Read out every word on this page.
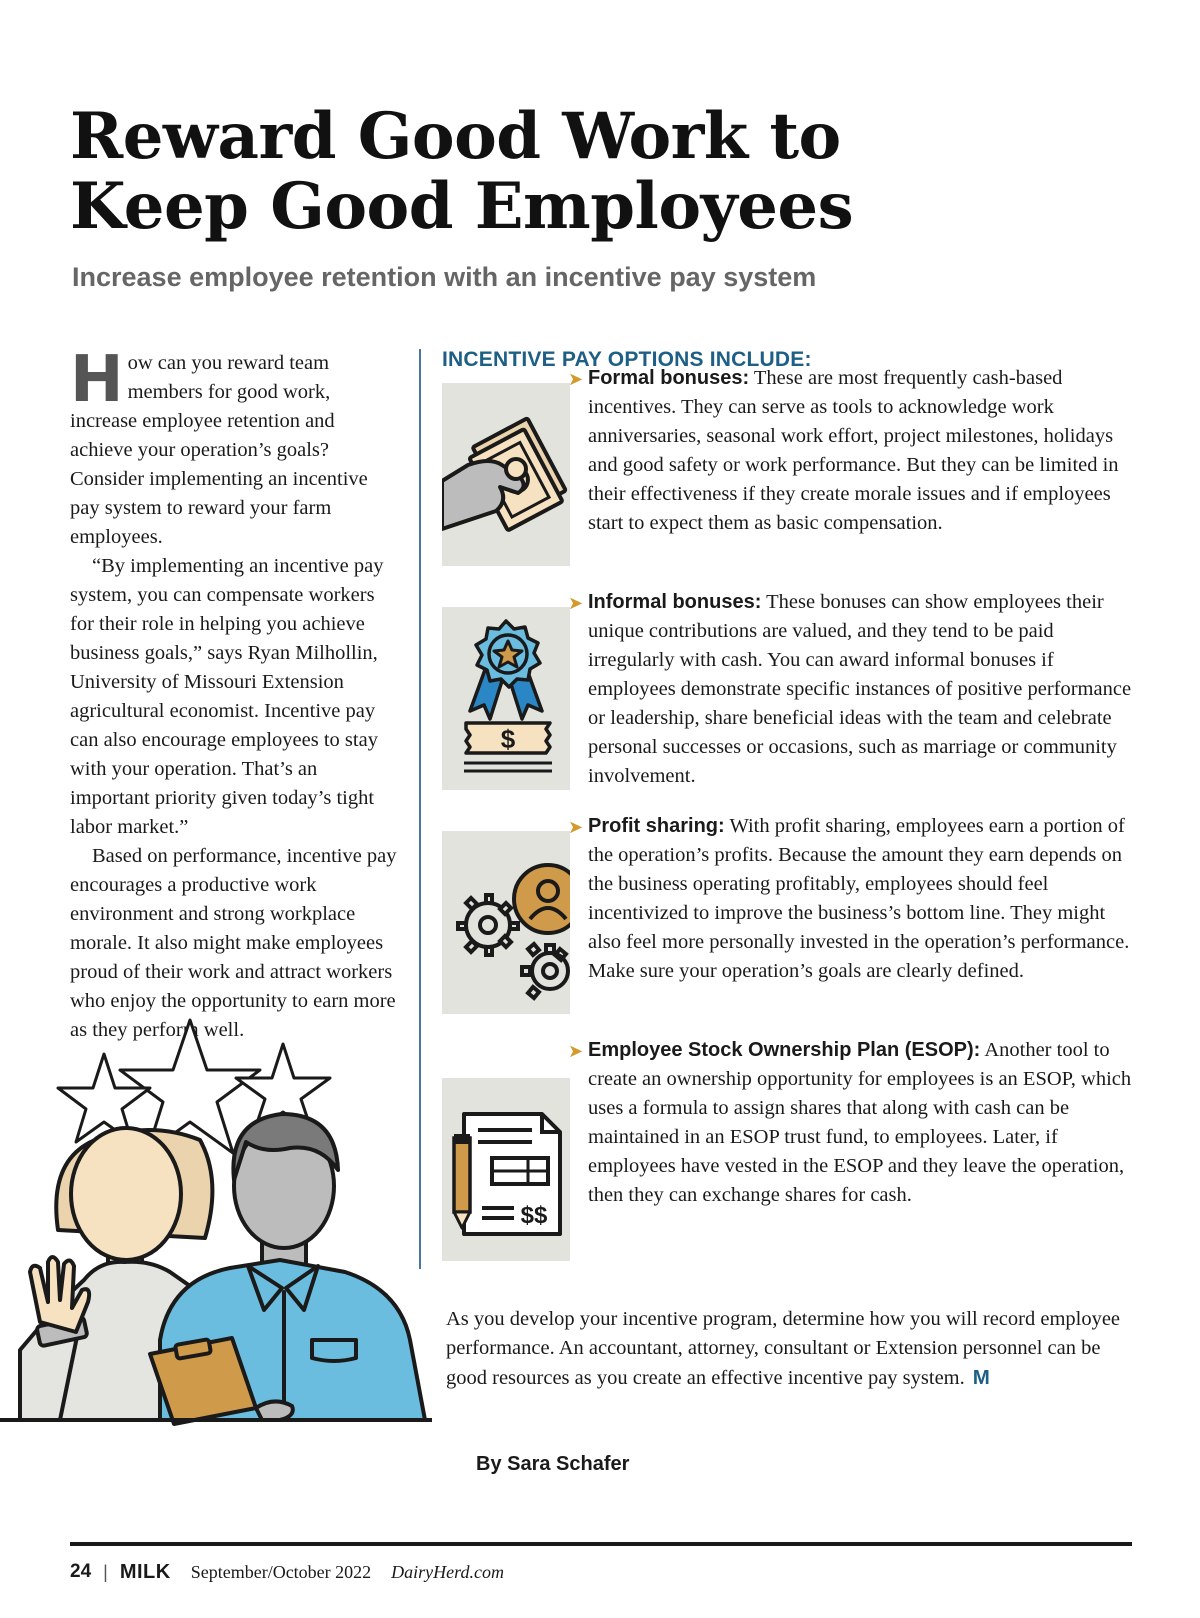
Reward Good Work to
Keep Good Employees

Increase employee retention with an incentive pay system

How can you reward team members for good work, increase employee retention and achieve your operation’s goals? Consider implementing an incentive pay system to reward your farm employees.

“By implementing an incentive pay system, you can compensate workers for their role in helping you achieve business goals,” says Ryan Milhollin, University of Missouri Extension agricultural economist. Incentive pay can also encourage employees to stay with your operation. That’s an important priority given today’s tight labor market.”

Based on performance, incentive pay encourages a productive work environment and strong workplace morale. It also might make employees proud of their work and attract workers who enjoy the opportunity to earn more as they perform well.

INCENTIVE PAY OPTIONS INCLUDE:
➤ Formal bonuses: These are most frequently cash-based incentives. They can serve as tools to acknowledge work anniversaries, seasonal work effort, project milestones, holidays and good safety or work performance. But they can be limited in their effectiveness if they create morale issues and if employees start to expect them as basic compensation.

$
➤ Informal bonuses: These bonuses can show employees their unique contributions are valued, and they tend to be paid irregularly with cash. You can award informal bonuses if employees demonstrate specific instances of positive performance or leadership, share beneficial ideas with the team and celebrate personal successes or occasions, such as marriage or community involvement.

➤ Profit sharing: With profit sharing, employees earn a portion of the operation’s profits. Because the amount they earn depends on the business operating profitably, employees should feel incentivized to improve the business’s bottom line. They might also feel more personally invested in the operation’s performance. Make sure your operation’s goals are clearly defined.

$$
➤ Employee Stock Ownership Plan (ESOP): Another tool to create an ownership opportunity for employees is an ESOP, which uses a formula to assign shares that along with cash can be maintained in an ESOP trust fund, to employees. Later, if employees have vested in the ESOP and they leave the operation, then they can exchange shares for cash.

As you develop your incentive program, determine how you will record employee performance. An accountant, attorney, consultant or Extension personnel can be good resources as you create an effective incentive pay system. M

By Sara Schafer

24 | MILK September/October 2022 DairyHerd.com
